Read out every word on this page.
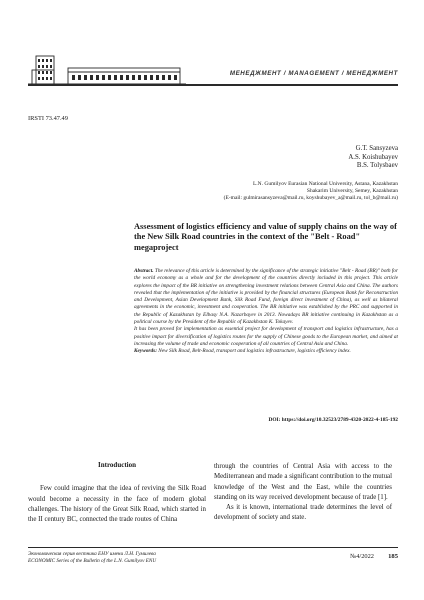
МЕНЕДЖМЕНТ / MANAGEMENT / МЕНЕДЖМЕНТ
IRSTI 73.47.49
G.T. Sansyzeva
A.S. Koishubayev
B.S. Tolysbaev
L.N. Gumilyov Eurasian National University, Astana, Kazakhstan
Shakarim University, Semey, Kazakhstan
(E-mail: gulmirasansyzeva@mail.ru, koyshubayev_a@mail.ru, tol_b@mail.ru)
Assessment of logistics efficiency and value of supply chains on the way of the New Silk Road countries in the context of the "Belt - Road" megaproject

Abstract. The relevance of this article is determined by the significance of the strategic initiative "Belt - Road (BR)" both for the world economy as a whole and for the development of the countries directly included in this project. This article explores the impact of the BR initiative on strengthening investment relations between Central Asia and China. The authors revealed that the implementation of the initiative is provided by the financial structures (European Bank for Reconstruction and Development, Asian Development Bank, Silk Road Fund, foreign direct investment of China), as well as bilateral agreements in the economic, investment and cooperation. The BR initiative was established by the PRC and supported in the Republic of Kazakhstan by Elbasy N.A. Nazarbayev in 2013. Nowadays BR initiative continuing in Kazakhstan as a political course by the President of the Republic of Kazakhstan K. Tokayev.

It has been proved for implementation as essential project for development of transport and logistics infrastructure, has a positive impact for diversification of logistics routes for the supply of Chinese goods to the European market, and aimed at increasing the volume of trade and economic cooperation of all countries of Central Asia and China.

Keywords: New Silk Road, Belt-Road, transport and logistics infrastructure, logistics efficiency index.

DOI: https://doi.org/10.32523/2789-4320-2022-4-185-192
Introduction

Few could imagine that the idea of reviving the Silk Road would become a necessity in the face of modern global challenges. The history of the Great Silk Road, which started in the II century BC, connected the trade routes of China

through the countries of Central Asia with access to the Mediterranean and made a significant contribution to the mutual knowledge of the West and the East, while the countries standing on its way received development because of trade [1].

As it is known, international trade determines the level of development of society and state.

Экономическая серия вестника ЕНУ имени Л.Н. Гумилева
ECONOMIC Series of the Bulletin of the L.N. Gumilyov ENU
№4/2022 185
